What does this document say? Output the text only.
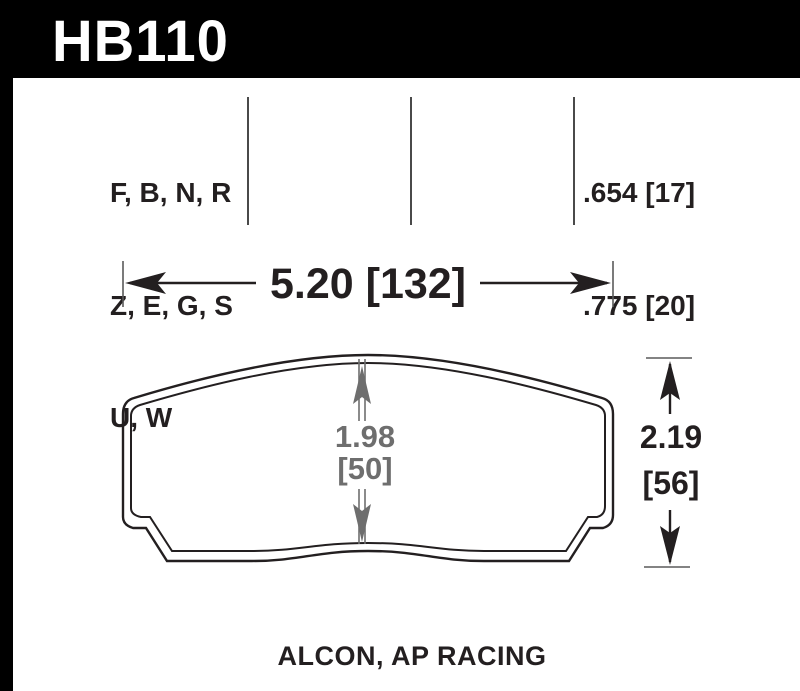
HB110

F, B, N, R

Z, E, G, S

U, W

.654 [17]

.775 [20]

5.20 [132]
1.98
[50]
2.19
[56]
ALCON, AP RACING
